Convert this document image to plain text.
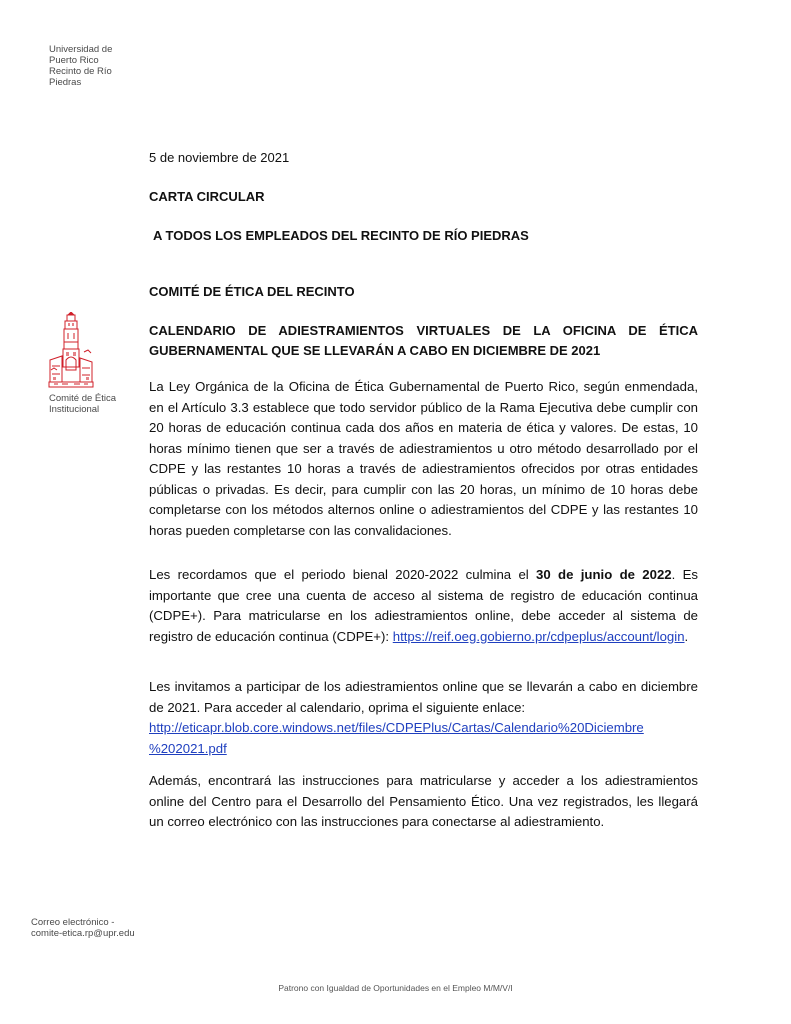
Universidad de
Puerto Rico
Recinto de Río
Piedras
Comité de Ética
Institucional
Correo electrónico -
comite-etica.rp@upr.edu
5 de noviembre de 2021
CARTA CIRCULAR
A TODOS LOS EMPLEADOS DEL RECINTO DE RÍO PIEDRAS
COMITÉ DE ÉTICA DEL RECINTO
CALENDARIO DE ADIESTRAMIENTOS VIRTUALES DE LA OFICINA DE ÉTICA GUBERNAMENTAL QUE SE LLEVARÁN A CABO EN DICIEMBRE DE 2021
La Ley Orgánica de la Oficina de Ética Gubernamental de Puerto Rico, según enmendada, en el Artículo 3.3 establece que todo servidor público de la Rama Ejecutiva debe cumplir con 20 horas de educación continua cada dos años en materia de ética y valores. De estas, 10 horas mínimo tienen que ser a través de adiestramientos u otro método desarrollado por el CDPE y las restantes 10 horas a través de adiestramientos ofrecidos por otras entidades públicas o privadas. Es decir, para cumplir con las 20 horas, un mínimo de 10 horas debe completarse con los métodos alternos online o adiestramientos del CDPE y las restantes 10 horas pueden completarse con las convalidaciones.
Les recordamos que el periodo bienal 2020-2022 culmina el 30 de junio de 2022. Es importante que cree una cuenta de acceso al sistema de registro de educación continua (CDPE+). Para matricularse en los adiestramientos online, debe acceder al sistema de registro de educación continua (CDPE+): https://reif.oeg.gobierno.pr/cdpeplus/account/login.
Les invitamos a participar de los adiestramientos online que se llevarán a cabo en diciembre de 2021. Para acceder al calendario, oprima el siguiente enlace:
http://eticapr.blob.core.windows.net/files/CDPEPlus/Cartas/Calendario%20Diciembre
%202021.pdf
Además, encontrará las instrucciones para matricularse y acceder a los adiestramientos online del Centro para el Desarrollo del Pensamiento Ético. Una vez registrados, les llegará un correo electrónico con las instrucciones para conectarse al adiestramiento.
Patrono con Igualdad de Oportunidades en el Empleo M/M/V/I
